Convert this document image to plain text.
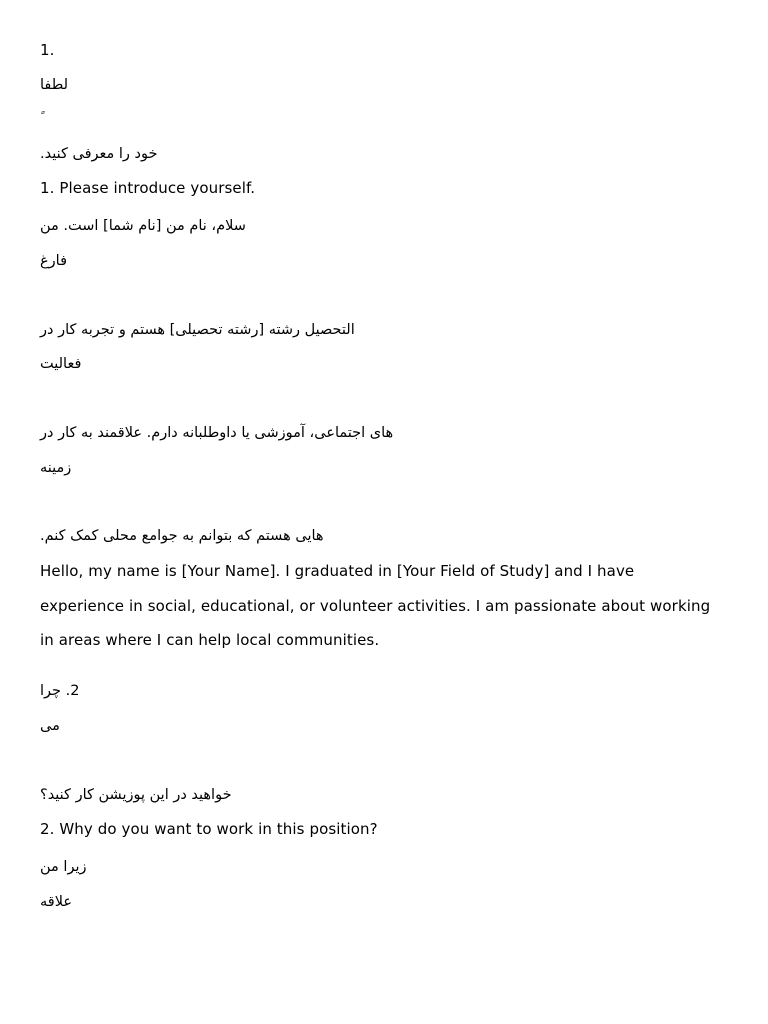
1.
لطفا
خود را معرفی کنید.
1. Please introduce yourself.
سلام، نام من [نام شما] است. من
فارغ
التحصیل رشته [رشته تحصیلی] هستم و تجربه کار در
فعالیت
های اجتماعی، آموزشی یا داوطلبانه دارم. علاقمند به کار در
زمینه
هایی هستم که بتوانم به جوامع محلی کمک کنم.
Hello, my name is [Your Name]. I graduated in [Your Field of Study] and I have
experience in social, educational, or volunteer activities. I am passionate about working
in areas where I can help local communities.
2. چرا
می
خواهید در این پوزیشن کار کنید؟
2. Why do you want to work in this position?
زیرا من
علاقه
